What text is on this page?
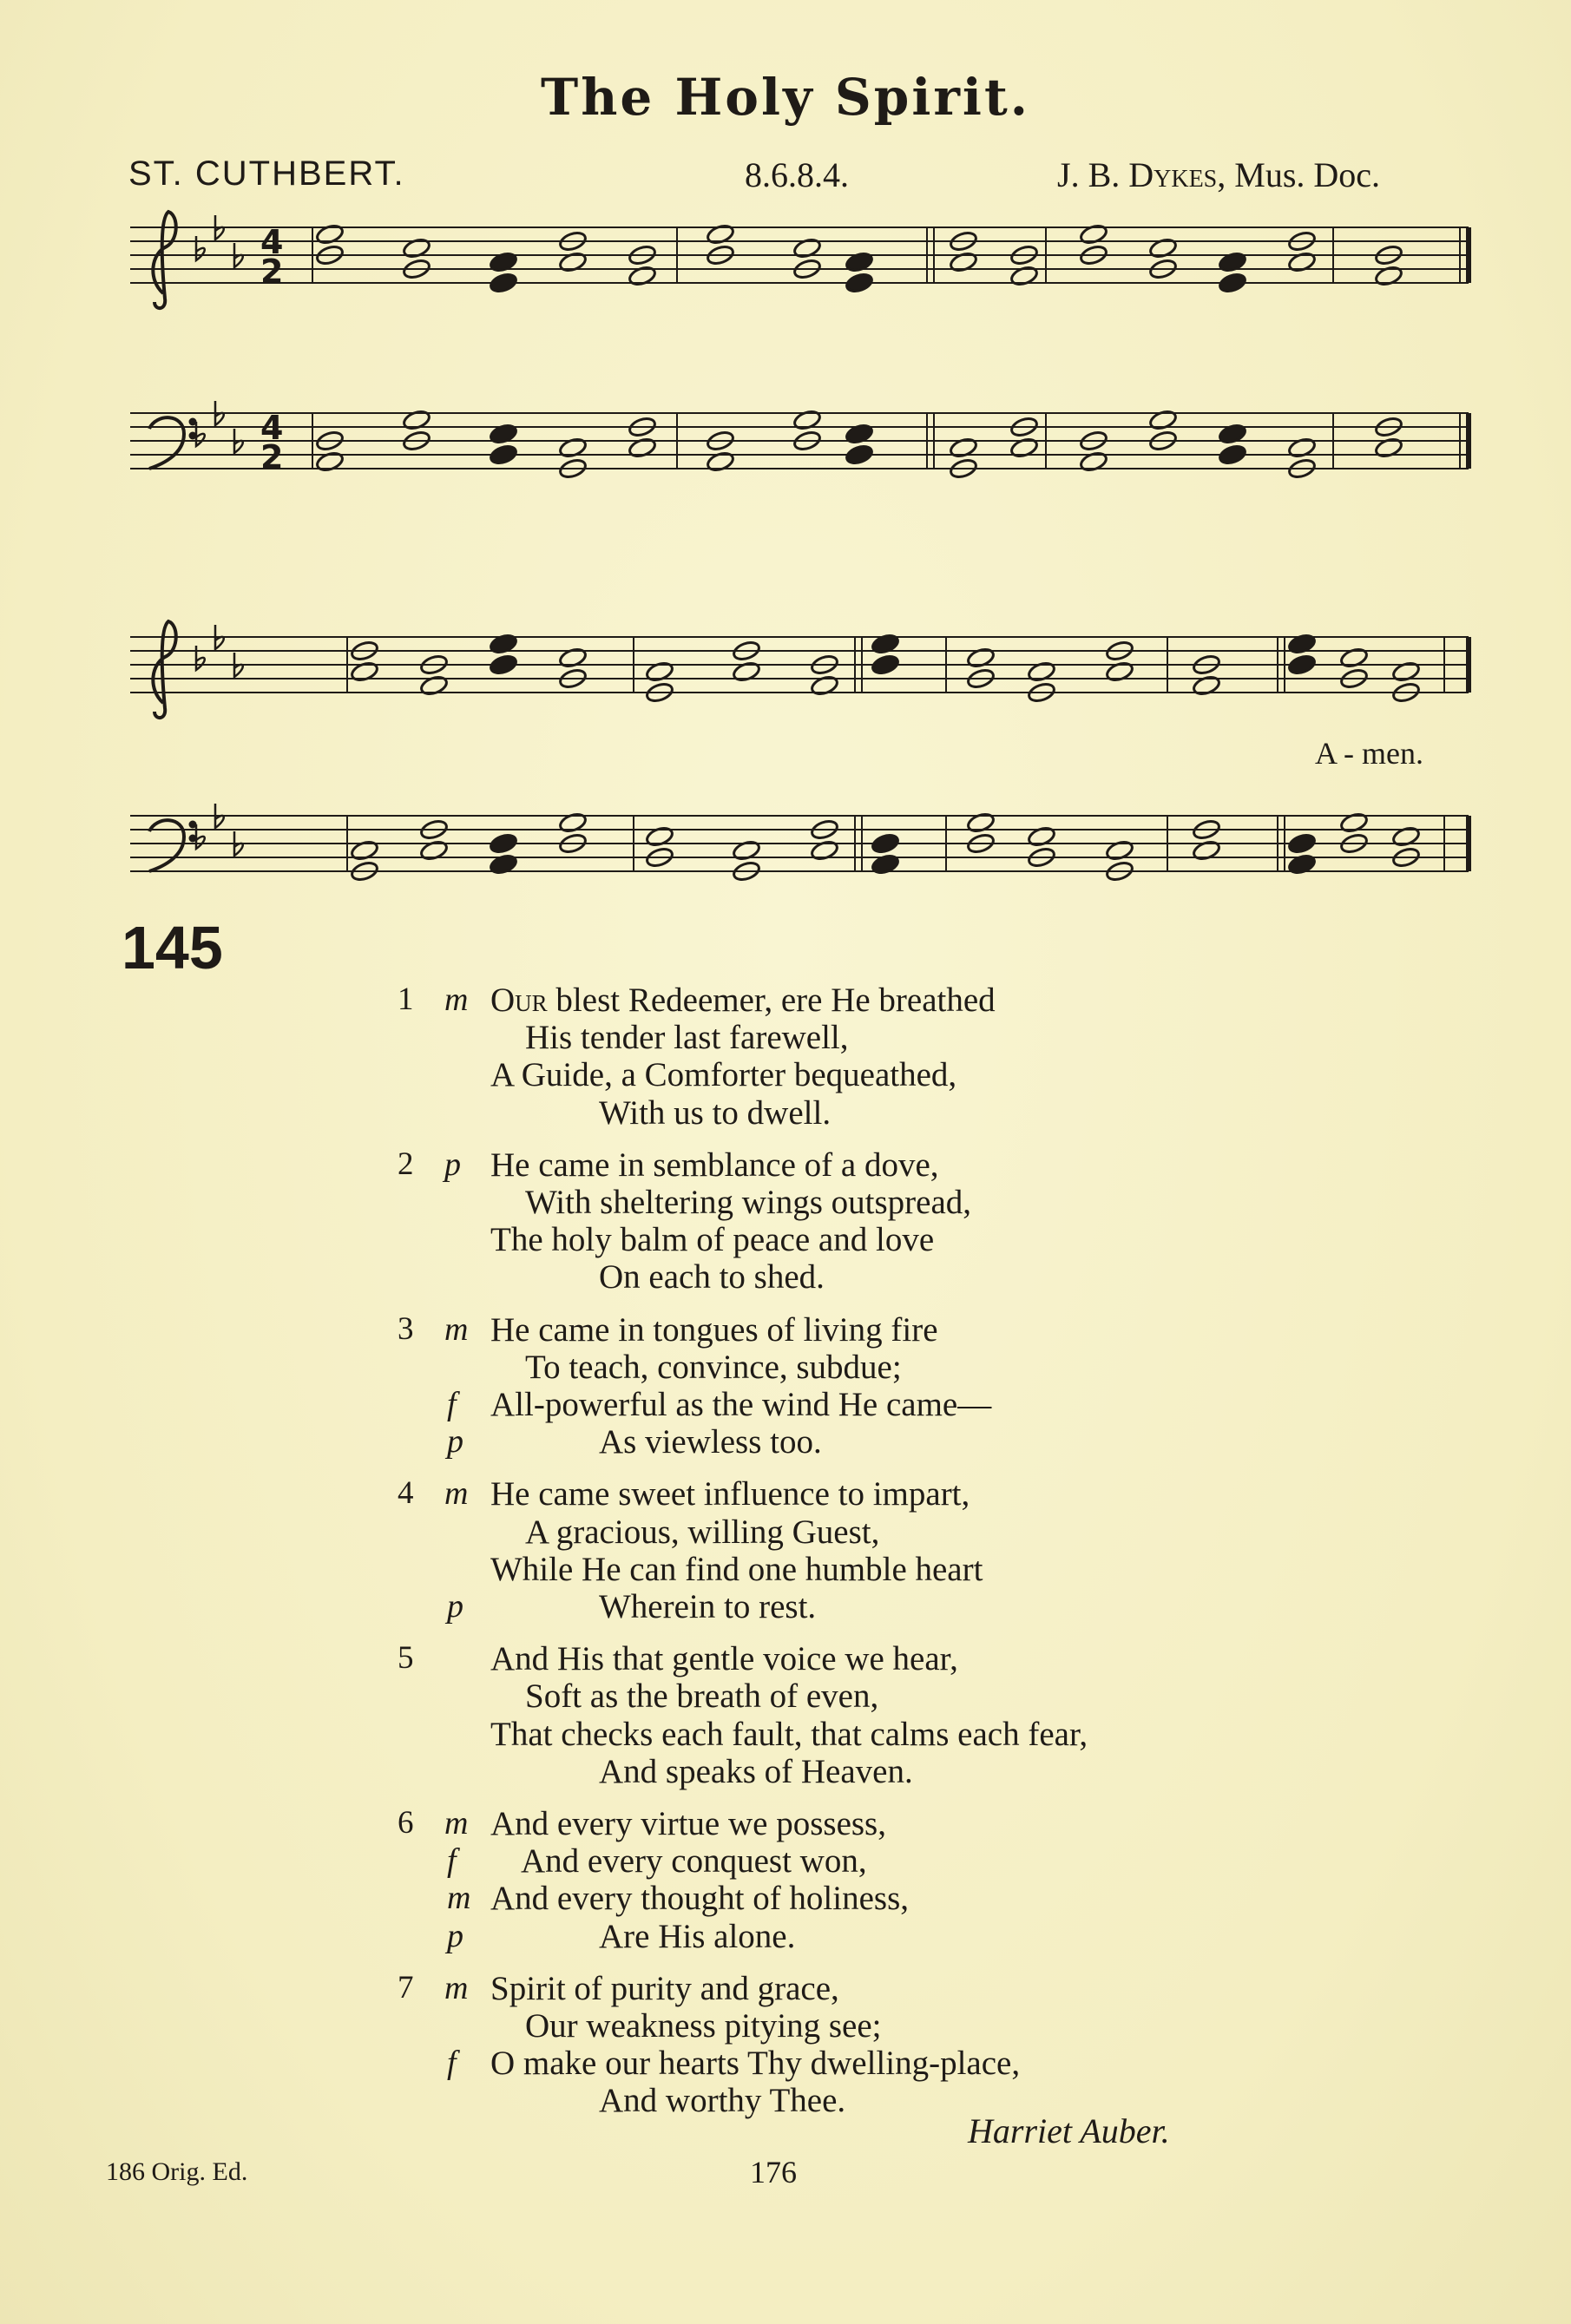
The Holy Spirit.
ST. CUTHBERT.	8.6.8.4.	J. B. Dykes, Mus. Doc.
4
2
4
2
A - men.
145
1 m Our blest Redeemer, ere He breathed
His tender last farewell,
A Guide, a Comforter bequeathed,
With us to dwell.
2 p He came in semblance of a dove,
With sheltering wings outspread,
The holy balm of peace and love
On each to shed.
3 m He came in tongues of living fire
To teach, convince, subdue;
f All-powerful as the wind He came—
p	As viewless too.
4 m He came sweet influence to impart,
A gracious, willing Guest,
While He can find one humble heart
p	Wherein to rest.
5 And His that gentle voice we hear,
Soft as the breath of even,
That checks each fault, that calms each fear,
And speaks of Heaven.
6 m And every virtue we possess,
f And every conquest won,
m And every thought of holiness,
p	Are His alone.
7 m Spirit of purity and grace,
Our weakness pitying see;
f O make our hearts Thy dwelling-place,
And worthy Thee.
Harriet Auber.
186 Orig. Ed.	176
